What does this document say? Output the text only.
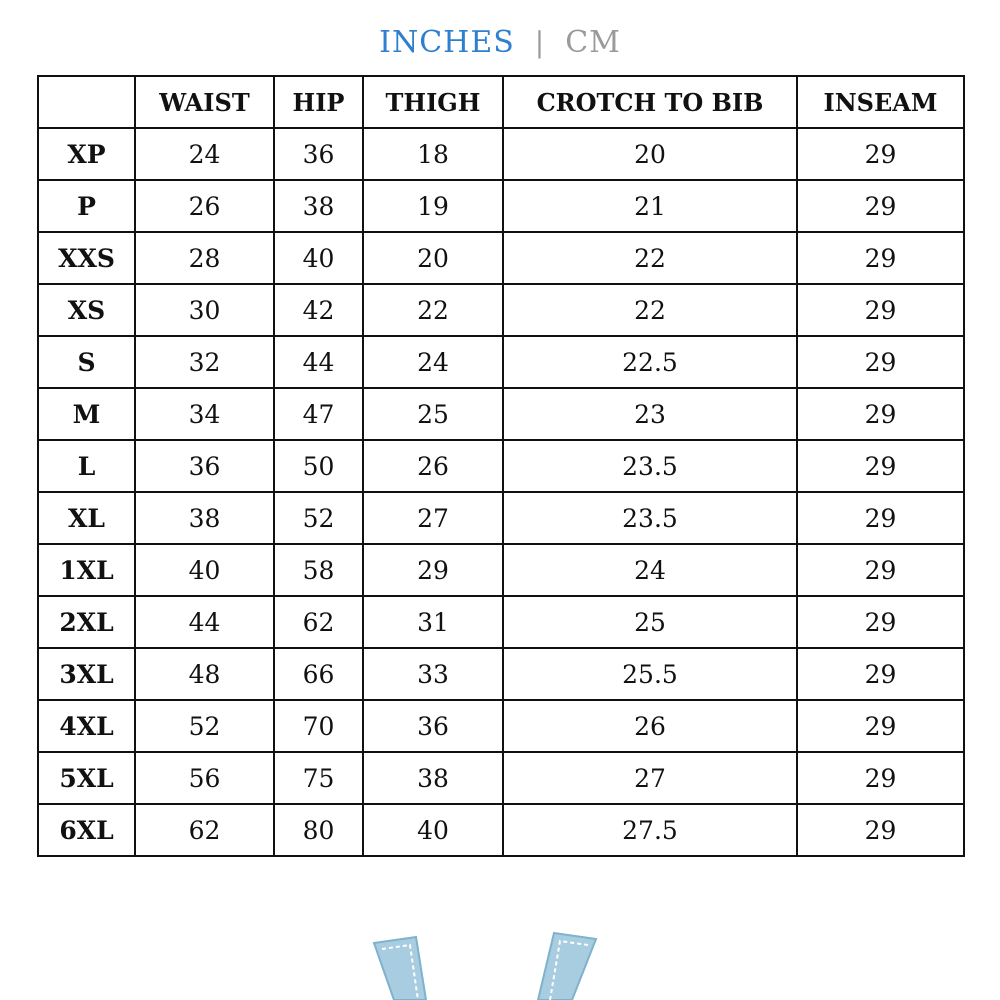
INCHES | CM
	WAIST	HIP	THIGH	CROTCH TO BIB	INSEAM
XP	24	36	18	20	29
P	26	38	19	21	29
XXS	28	40	20	22	29
XS	30	42	22	22	29
S	32	44	24	22.5	29
M	34	47	25	23	29
L	36	50	26	23.5	29
XL	38	52	27	23.5	29
1XL	40	58	29	24	29
2XL	44	62	31	25	29
3XL	48	66	33	25.5	29
4XL	52	70	36	26	29
5XL	56	75	38	27	29
6XL	62	80	40	27.5	29
